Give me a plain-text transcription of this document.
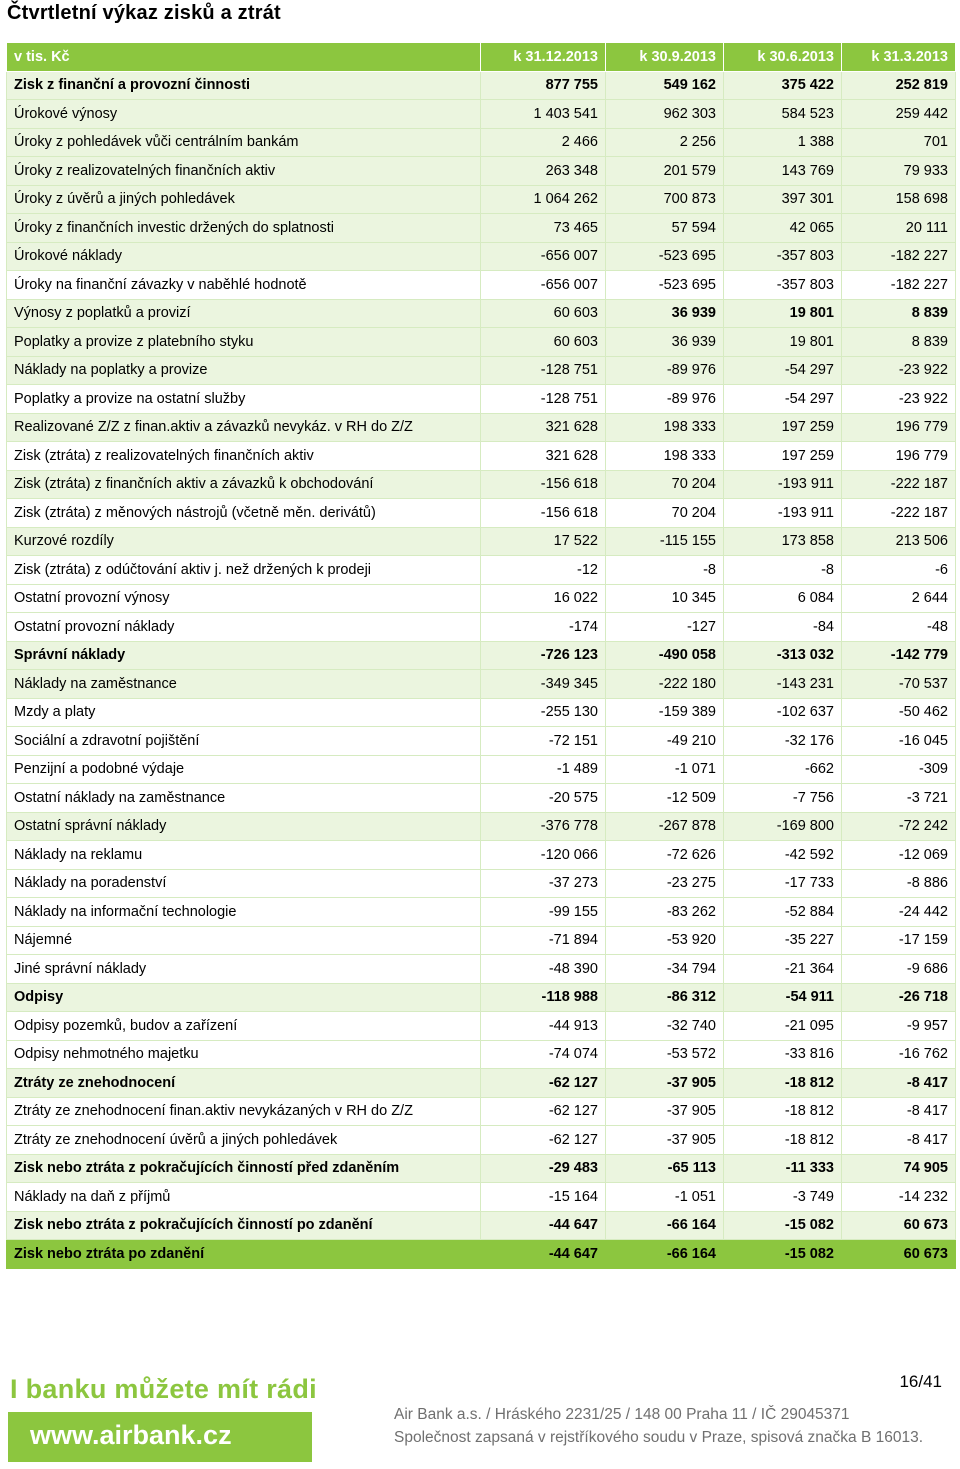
Čtvrtletní výkaz zisků a ztrát
v tis. Kč	k 31.12.2013	k 30.9.2013	k 30.6.2013	k 31.3.2013
Zisk z finanční a provozní činnosti	877 755	549 162	375 422	252 819
Úrokové výnosy	1 403 541	962 303	584 523	259 442
Úroky z pohledávek vůči centrálním bankám	2 466	2 256	1 388	701
Úroky z realizovatelných finančních aktiv	263 348	201 579	143 769	79 933
Úroky z úvěrů a jiných pohledávek	1 064 262	700 873	397 301	158 698
Úroky z finančních investic držených do splatnosti	73 465	57 594	42 065	20 111
Úrokové náklady	-656 007	-523 695	-357 803	-182 227
Úroky na finanční závazky v naběhlé hodnotě	-656 007	-523 695	-357 803	-182 227
Výnosy z poplatků a provizí	60 603	36 939	19 801	8 839
Poplatky a provize z platebního styku	60 603	36 939	19 801	8 839
Náklady na poplatky a provize	-128 751	-89 976	-54 297	-23 922
Poplatky a provize na ostatní služby	-128 751	-89 976	-54 297	-23 922
Realizované Z/Z z finan.aktiv a závazků nevykáz. v RH do Z/Z	321 628	198 333	197 259	196 779
Zisk (ztráta) z realizovatelných finančních aktiv	321 628	198 333	197 259	196 779
Zisk (ztráta) z finančních aktiv a závazků k obchodování	-156 618	70 204	-193 911	-222 187
Zisk (ztráta) z měnových nástrojů (včetně měn. derivátů)	-156 618	70 204	-193 911	-222 187
Kurzové rozdíly	17 522	-115 155	173 858	213 506
Zisk (ztráta) z odúčtování aktiv j. než držených k prodeji	-12	-8	-8	-6
Ostatní provozní výnosy	16 022	10 345	6 084	2 644
Ostatní provozní náklady	-174	-127	-84	-48
Správní náklady	-726 123	-490 058	-313 032	-142 779
Náklady na zaměstnance	-349 345	-222 180	-143 231	-70 537
Mzdy a platy	-255 130	-159 389	-102 637	-50 462
Sociální a zdravotní pojištění	-72 151	-49 210	-32 176	-16 045
Penzijní a podobné výdaje	-1 489	-1 071	-662	-309
Ostatní náklady na zaměstnance	-20 575	-12 509	-7 756	-3 721
Ostatní správní náklady	-376 778	-267 878	-169 800	-72 242
Náklady na reklamu	-120 066	-72 626	-42 592	-12 069
Náklady na poradenství	-37 273	-23 275	-17 733	-8 886
Náklady na informační technologie	-99 155	-83 262	-52 884	-24 442
Nájemné	-71 894	-53 920	-35 227	-17 159
Jiné správní náklady	-48 390	-34 794	-21 364	-9 686
Odpisy	-118 988	-86 312	-54 911	-26 718
Odpisy pozemků, budov a zařízení	-44 913	-32 740	-21 095	-9 957
Odpisy nehmotného majetku	-74 074	-53 572	-33 816	-16 762
Ztráty ze znehodnocení	-62 127	-37 905	-18 812	-8 417
Ztráty ze znehodnocení finan.aktiv nevykázaných v RH do Z/Z	-62 127	-37 905	-18 812	-8 417
Ztráty ze znehodnocení úvěrů a jiných pohledávek	-62 127	-37 905	-18 812	-8 417
Zisk nebo ztráta z pokračujících činností před zdaněním	-29 483	-65 113	-11 333	74 905
Náklady na daň z příjmů	-15 164	-1 051	-3 749	-14 232
Zisk nebo ztráta z pokračujících činností po zdanění	-44 647	-66 164	-15 082	60 673
Zisk nebo ztráta po zdanění	-44 647	-66 164	-15 082	60 673
I banku můžete mít rádi
www.airbank.cz
16/41
Air Bank a.s. / Hráského 2231/25 / 148 00 Praha 11 / IČ 29045371
Společnost zapsaná v rejstříkového soudu v Praze, spisová značka B 16013.
